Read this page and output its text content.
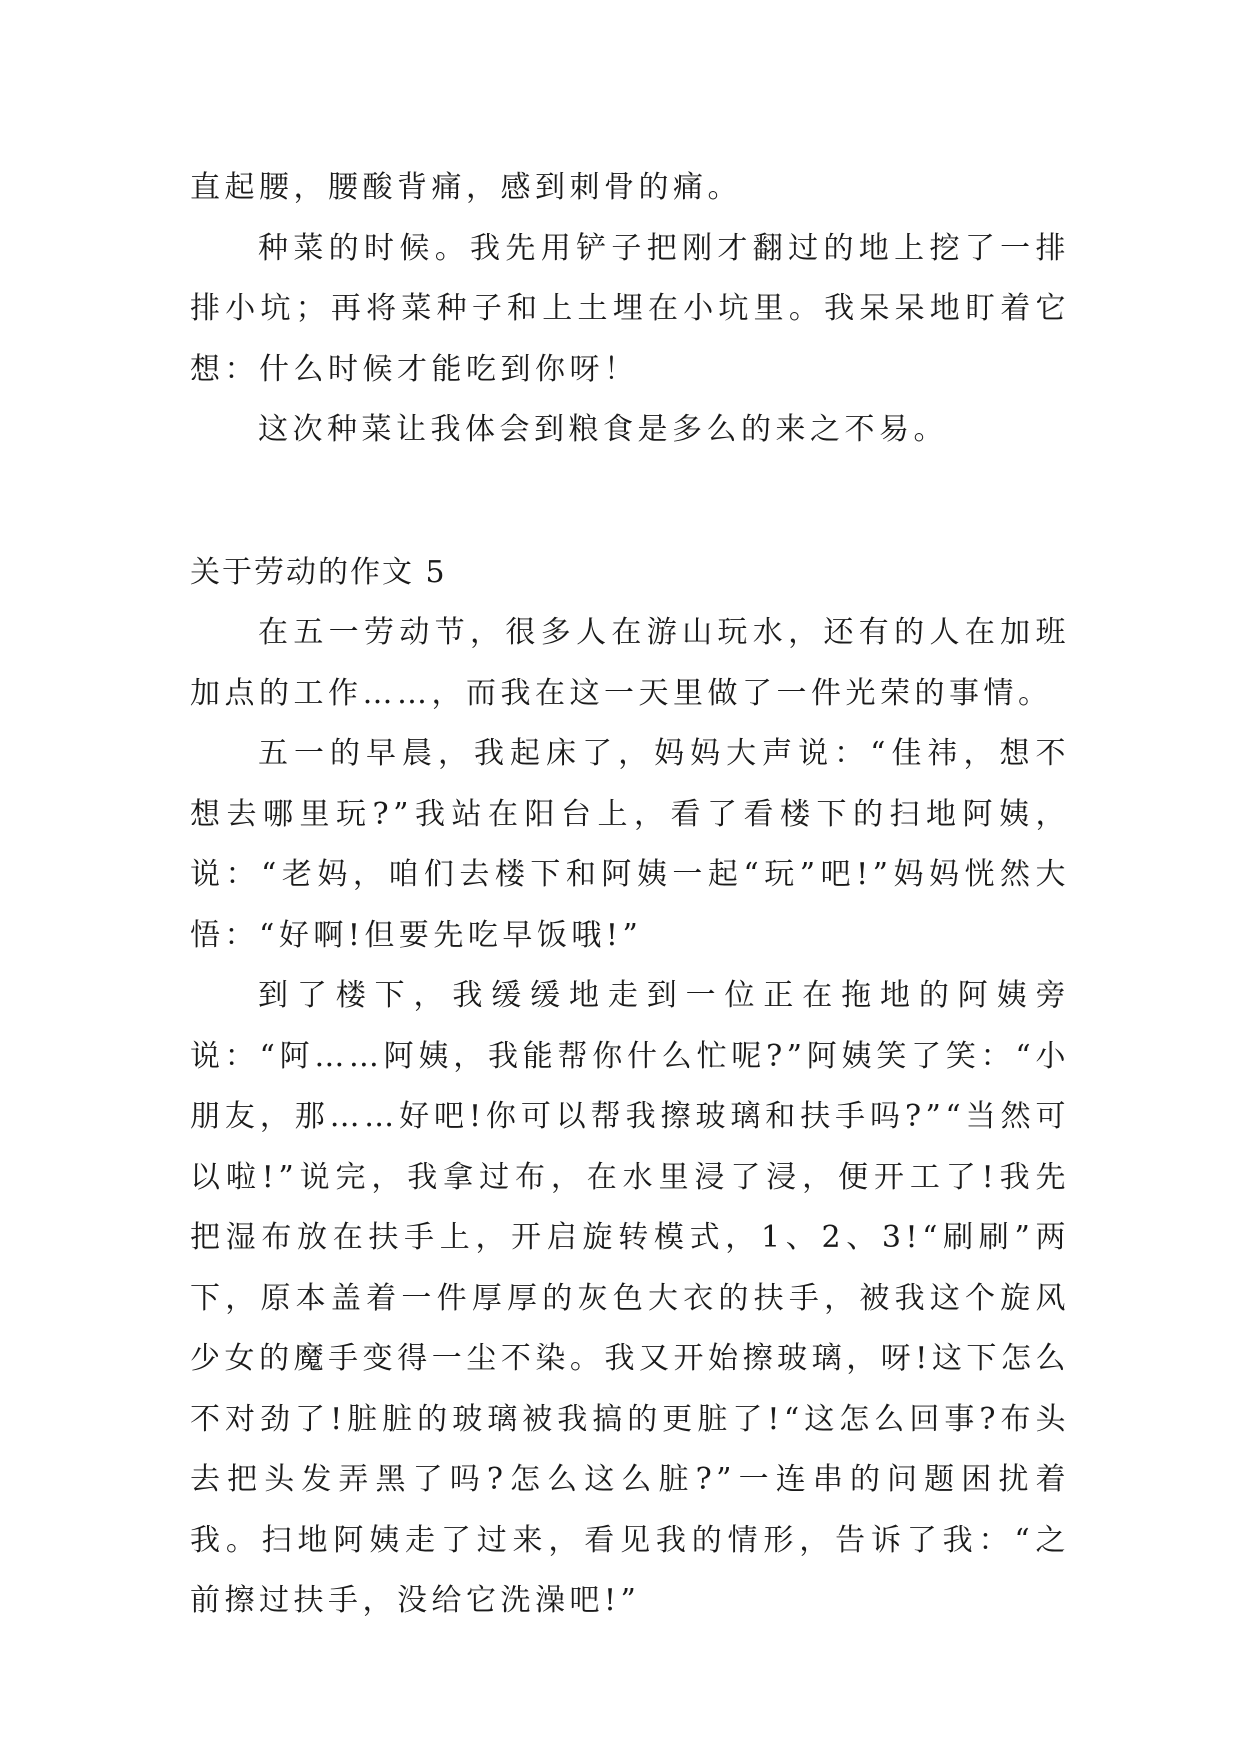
直起腰，腰酸背痛，感到刺骨的痛。

种菜的时候。我先用铲子把刚才翻过的地上挖了一排排小坑；再将菜种子和上土埋在小坑里。我呆呆地盯着它想：什么时候才能吃到你呀！

这次种菜让我体会到粮食是多么的来之不易。

关于劳动的作文 5

在五一劳动节，很多人在游山玩水，还有的人在加班加点的工作……，而我在这一天里做了一件光荣的事情。

五一的早晨，我起床了，妈妈大声说：“佳祎，想不想去哪里玩?”我站在阳台上，看了看楼下的扫地阿姨，说：“老妈，咱们去楼下和阿姨一起“玩”吧!”妈妈恍然大悟：“好啊!但要先吃早饭哦!”

到了楼下，我缓缓地走到一位正在拖地的阿姨旁说：“阿……阿姨，我能帮你什么忙呢?”阿姨笑了笑：“小朋友，那……好吧!你可以帮我擦玻璃和扶手吗?”“当然可以啦!”说完，我拿过布，在水里浸了浸，便开工了!我先把湿布放在扶手上，开启旋转模式，1、2、3!“刷刷”两下，原本盖着一件厚厚的灰色大衣的扶手，被我这个旋风少女的魔手变得一尘不染。我又开始擦玻璃，呀!这下怎么不对劲了!脏脏的玻璃被我搞的更脏了!“这怎么回事?布头去把头发弄黑了吗?怎么这么脏?”一连串的问题困扰着我。扫地阿姨走了过来，看见我的情形，告诉了我：“之前擦过扶手，没给它洗澡吧!”
